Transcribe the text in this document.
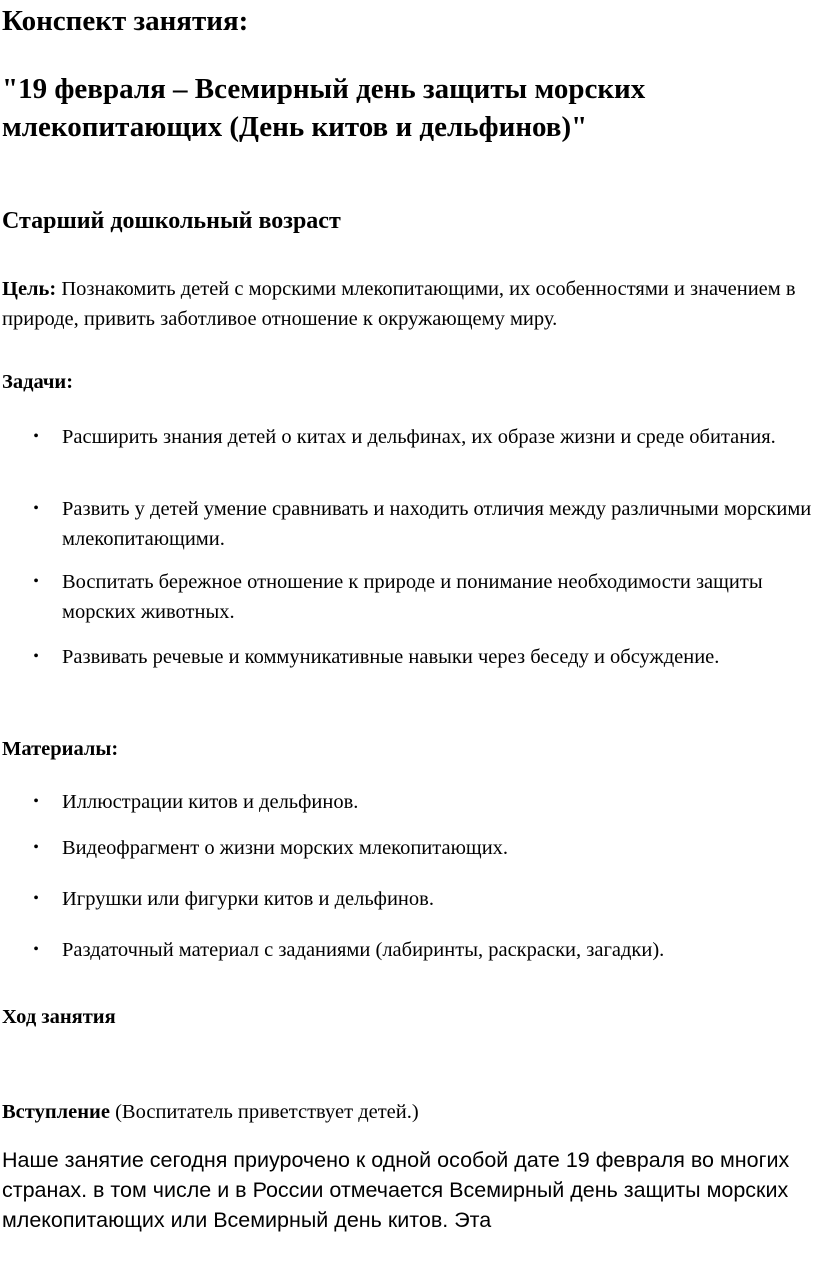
Конспект занятия:
"19 февраля – Всемирный день защиты морских млекопитающих (День китов и дельфинов)"
Старший дошкольный возраст
Цель: Познакомить детей с морскими млекопитающими, их особенностями и значением в природе, привить заботливое отношение к окружающему миру.
Задачи:
• Расширить знания детей о китах и дельфинах, их образе жизни и среде обитания.
• Развить у детей умение сравнивать и находить отличия между различными морскими млекопитающими.
• Воспитать бережное отношение к природе и понимание необходимости защиты морских животных.
• Развивать речевые и коммуникативные навыки через беседу и обсуждение.
Материалы:
• Иллюстрации китов и дельфинов.
• Видеофрагмент о жизни морских млекопитающих.
• Игрушки или фигурки китов и дельфинов.
• Раздаточный материал с заданиями (лабиринты, раскраски, загадки).
Ход занятия
Вступление (Воспитатель приветствует детей.)
Наше занятие сегодня приурочено к одной особой дате 19 февраля во многих странах. в том числе и в России отмечается Всемирный день защиты морских млекопитающих или Всемирный день китов. Эта
